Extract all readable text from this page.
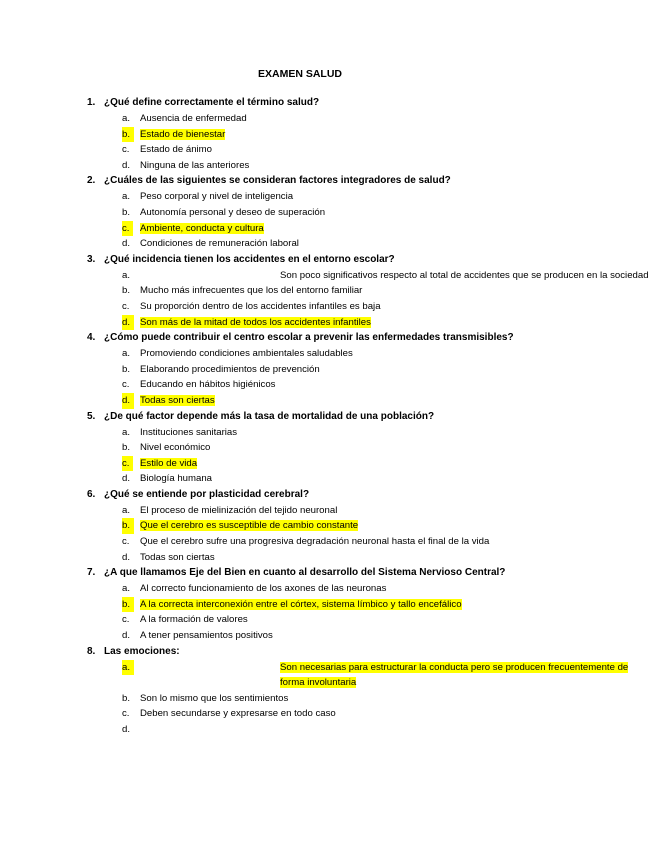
EXAMEN SALUD
1. ¿Qué define correctamente el término salud?
a. Ausencia de enfermedad
b.	Estado de bienestar
c. Estado de ánimo
d. Ninguna de las anteriores
2. ¿Cuáles de las siguientes se consideran factores integradores de salud?
a. Peso corporal y nivel de inteligencia
b. Autonomía personal y deseo de superación
c.	Ambiente, conducta y cultura
d. Condiciones de remuneración laboral
3. ¿Qué incidencia tienen los accidentes en el entorno escolar?
a.	Son poco significativos respecto al total de accidentes que se producen en la sociedad
b. Mucho más infrecuentes que los del entorno familiar
c. Su proporción dentro de los accidentes infantiles es baja
d.	Son más de la mitad de todos los accidentes infantiles
4. ¿Cómo puede contribuir el centro escolar a prevenir las enfermedades transmisibles?
a. Promoviendo condiciones ambientales saludables
b. Elaborando procedimientos de prevención
c. Educando en hábitos higiénicos
d.	Todas son ciertas
5. ¿De qué factor depende más la tasa de mortalidad de una población?
a. Instituciones sanitarias
b. Nivel económico
c.	Estilo de vida
d. Biología humana
6. ¿Qué se entiende por plasticidad cerebral?
a. El proceso de mielinización del tejido neuronal
b.	Que el cerebro es susceptible de cambio constante
c. Que el cerebro sufre una progresiva degradación neuronal hasta el final de la vida
d. Todas son ciertas
7. ¿A que llamamos Eje del Bien en cuanto al desarrollo del Sistema Nervioso Central?
a. Al correcto funcionamiento de los axones de las neuronas
b.	A la correcta interconexión entre el córtex, sistema límbico y tallo encefálico
c. A la formación de valores
d. A tener pensamientos positivos
8. Las emociones:
a.	Son necesarias para estructurar la conducta pero se producen frecuentemente de forma involuntaria
b. Son lo mismo que los sentimientos
c. Deben secundarse y expresarse en todo caso
d.
